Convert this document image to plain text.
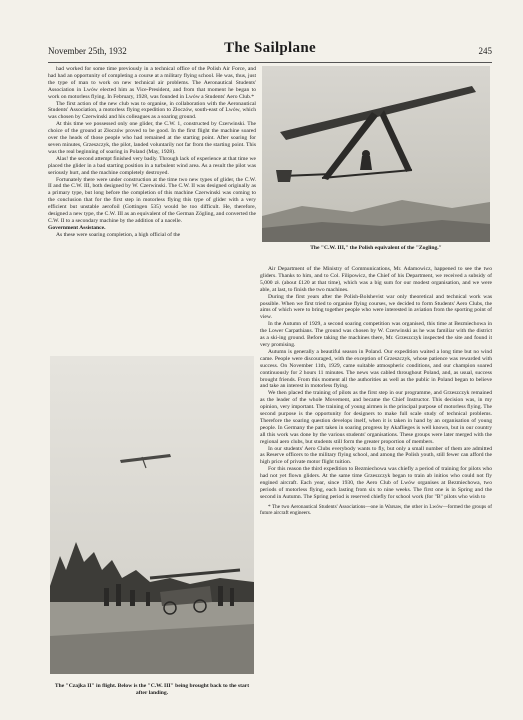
November 25th, 1932	The Sailplane	245

had worked for some time previously in a technical office of the Polish Air Force, and had had an opportunity of completing a course at a military flying school. He was, thus, just the type of man to work on new technical air problems. The Aeronautical Students' Association in Lwów elected him as Vice-President, and from that moment he began to work on motorless flying. In February, 1928, was founded in Lwów a Students' Aero Club.*

The first action of the new club was to organise, in collaboration with the Aeronautical Students' Association, a motorless flying expedition to Złoczów, south-east of Lwów, which was chosen by Czerwinski and his colleagues as a soaring ground.

At this time we possessed only one glider, the C.W. 1, constructed by Czerwinski. The choice of the ground at Złoczów proved to be good. In the first flight the machine soared over the heads of those people who had remained at the starting point. After soaring for seven minutes, Grzeszczyk, the pilot, landed voluntarily not far from the starting point. This was the real beginning of soaring in Poland (May, 1928).

Alas! the second attempt finished very badly. Through lack of experience at that time we placed the glider in a bad starting position in a turbulent wind area. As a result the pilot was seriously hurt, and the machine completely destroyed.

Fortunately there were under construction at the time two new types of glider, the C.W. II and the C.W. III, both designed by W. Czerwinski. The C.W. II was designed originally as a primary type, but long before the completion of this machine Czerwinski was coming to the conclusion that for the first step in motorless flying this type of glider with a very efficient but unstable aerofoil (Gottingen 535) would be too difficult. He, therefore, designed a new type, the C.W. III as an equivalent of the German Zögling, and converted the C.W. II to a secondary machine by the addition of a nacelle.

Government Assistance.

As these were soaring completion, a high official of the

The "C.W. III," the Polish equivalent of the "Zogling."

Air Department of the Ministry of Communications, Mr. Adamowicz, happened to see the two gliders. Thanks to him, and to Col. Filipowicz, the Chief of his Department, we received a subsidy of 5,000 zł. (about £120 at that time), which was a big sum for our modest organisation, and we were able, at last, to finish the two machines.

During the first years after the Polish-Bolshevist war only theoretical and technical work was possible. When we first tried to organise flying courses, we decided to form Students' Aero Clubs, the aims of which were to bring together people who were interested in aviation from the sporting point of view.

In the Autumn of 1929, a second soaring competition was organised, this time at Bezmiechowa in the Lower Carpathians. The ground was chosen by W. Czerwinski as he was familiar with the district as a ski-ing ground. Before taking the machines there, Mr. Grzeszczyk inspected the site and found it very promising.

Autumn is generally a beautiful season in Poland. Our expedition waited a long time but no wind came. People were discouraged, with the exception of Grzeszczyk, whose patience was rewarded with success. On November 11th, 1929, came suitable atmospheric conditions, and our champion soared continuously for 2 hours 11 minutes. The news was cabled throughout Poland, and, as usual, success brought friends. From this moment all the authorities as well as the public in Poland began to believe and take an interest in motorless flying.

We then placed the training of pilots as the first step in our programme, and Grzeszczyk remained as the leader of the whole Movement, and became the Chief Instructor. This decision was, in my opinion, very important. The training of young airmen is the principal purpose of motorless flying. The second purpose is the opportunity for designers to make full scale study of technical problems. Therefore the soaring question develops itself, when it is taken in hand by an organisation of young people. In Germany the part taken in soaring progress by Akaflieges is well known, but in our country all this work was done by the various students' organisations. These groups were later merged with the regional aero clubs, but students still form the greater proportion of members.

In our students' Aero Clubs everybody wants to fly, but only a small number of them are admitted as Reserve officers to the military flying school, and among the Polish youth, still fewer can afford the high price of private motor flight tuition.

For this reason the third expedition to Bezmiechowa was chiefly a period of training for pilots who had not yet flown gliders. At the same time Grzeszczyk began to train ab initios who could not fly engined aircraft. Each year, since 1930, the Aero Club of Lwów organises at Bezmiechowa, two periods of motorless flying, each lasting from six to nine weeks. The first one is in Spring and the second in Autumn. The Spring period is reserved chiefly for school work (for "B" pilots who wish to

* The two Aeronautical Students' Associations—one in Warsaw, the other in Lwów—formed the groups of future aircraft engineers.

The "Czajka II" in flight. Below is the "C.W. III" being brought back to the start after landing.
